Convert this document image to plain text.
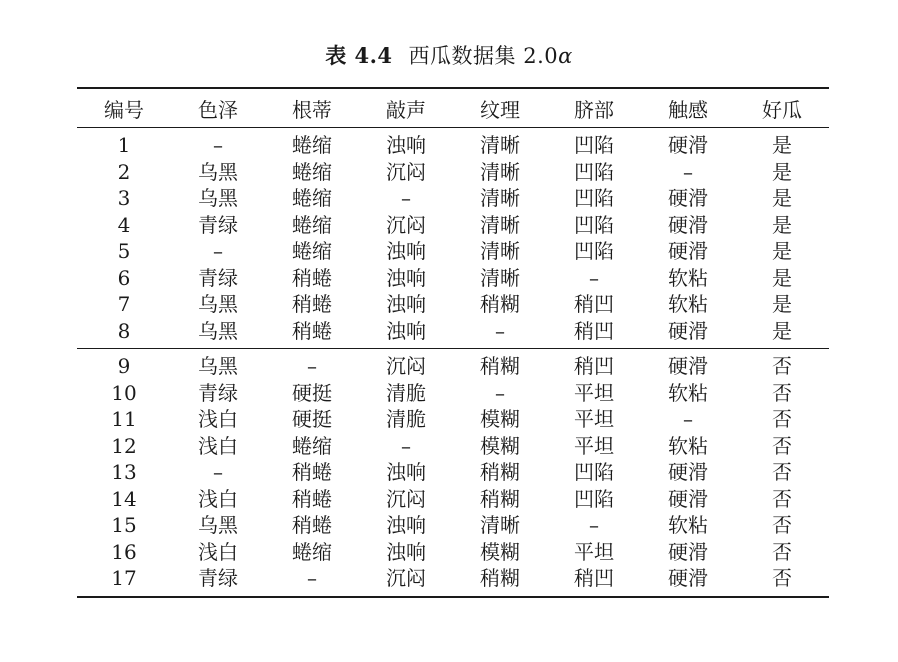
表 4.4 西瓜数据集 2.0α
编号	色泽	根蒂	敲声	纹理	脐部	触感	好瓜
1	–	蜷缩	浊响	清晰	凹陷	硬滑	是
2	乌黑	蜷缩	沉闷	清晰	凹陷	–	是
3	乌黑	蜷缩	–	清晰	凹陷	硬滑	是
4	青绿	蜷缩	沉闷	清晰	凹陷	硬滑	是
5	–	蜷缩	浊响	清晰	凹陷	硬滑	是
6	青绿	稍蜷	浊响	清晰	–	软粘	是
7	乌黑	稍蜷	浊响	稍糊	稍凹	软粘	是
8	乌黑	稍蜷	浊响	–	稍凹	硬滑	是
9	乌黑	–	沉闷	稍糊	稍凹	硬滑	否
10	青绿	硬挺	清脆	–	平坦	软粘	否
11	浅白	硬挺	清脆	模糊	平坦	–	否
12	浅白	蜷缩	–	模糊	平坦	软粘	否
13	–	稍蜷	浊响	稍糊	凹陷	硬滑	否
14	浅白	稍蜷	沉闷	稍糊	凹陷	硬滑	否
15	乌黑	稍蜷	浊响	清晰	–	软粘	否
16	浅白	蜷缩	浊响	模糊	平坦	硬滑	否
17	青绿	–	沉闷	稍糊	稍凹	硬滑	否
